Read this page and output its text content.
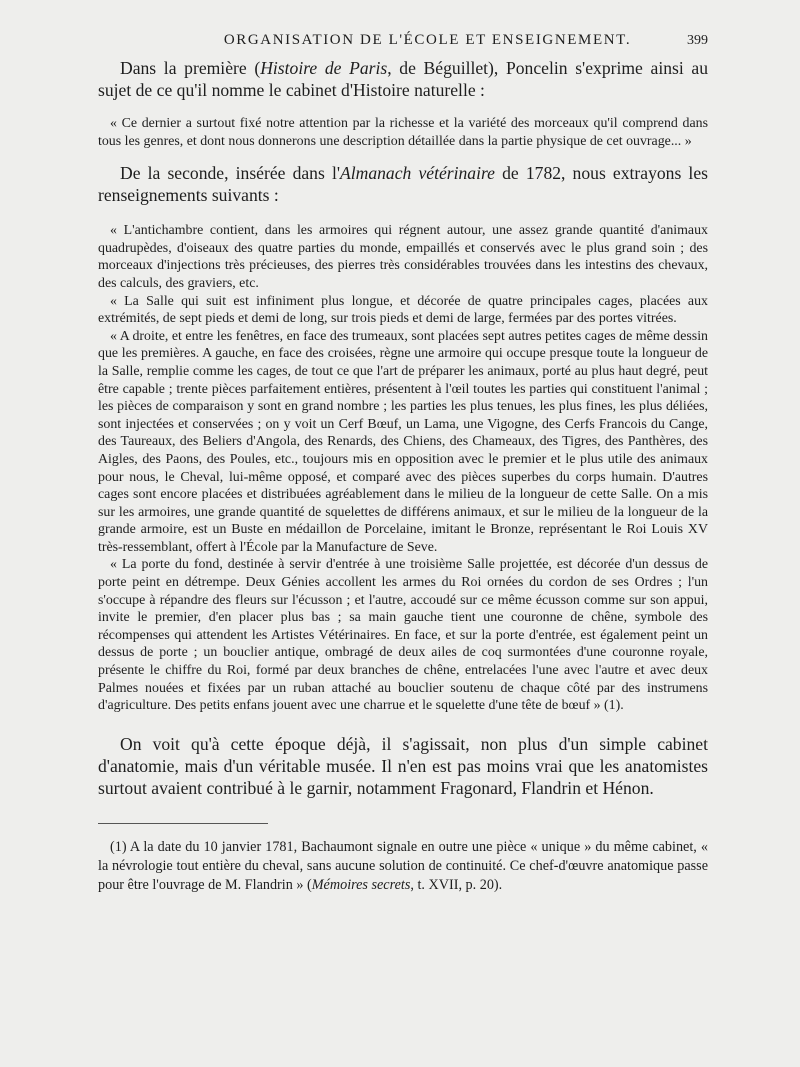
ORGANISATION DE L'ÉCOLE ET ENSEIGNEMENT.	399

Dans la première (Histoire de Paris, de Béguillet), Poncelin s'exprime ainsi au sujet de ce qu'il nomme le cabinet d'Histoire naturelle :

« Ce dernier a surtout fixé notre attention par la richesse et la variété des morceaux qu'il comprend dans tous les genres, et dont nous donnerons une description détaillée dans la partie physique de cet ouvrage... »

De la seconde, insérée dans l'Almanach vétérinaire de 1782, nous extrayons les renseignements suivants :

« L'antichambre contient, dans les armoires qui régnent autour, une assez grande quantité d'animaux quadrupèdes, d'oiseaux des quatre parties du monde, empaillés et conservés avec le plus grand soin ; des morceaux d'injections très précieuses, des pierres très considérables trouvées dans les intestins des chevaux, des calculs, des graviers, etc.

« La Salle qui suit est infiniment plus longue, et décorée de quatre principales cages, placées aux extrémités, de sept pieds et demi de long, sur trois pieds et demi de large, fermées par des portes vitrées.

« A droite, et entre les fenêtres, en face des trumeaux, sont placées sept autres petites cages de même dessin que les premières. A gauche, en face des croisées, règne une armoire qui occupe presque toute la longueur de la Salle, remplie comme les cages, de tout ce que l'art de préparer les animaux, porté au plus haut degré, peut être capable ; trente pièces parfaitement entières, présentent à l'œil toutes les parties qui constituent l'animal ; les pièces de comparaison y sont en grand nombre ; les parties les plus tenues, les plus fines, les plus déliées, sont injectées et conservées ; on y voit un Cerf Bœuf, un Lama, une Vigogne, des Cerfs Francois du Cange, des Taureaux, des Beliers d'Angola, des Renards, des Chiens, des Chameaux, des Tigres, des Panthères, des Aigles, des Paons, des Poules, etc., toujours mis en opposition avec le premier et le plus utile des animaux pour nous, le Cheval, lui-même opposé, et comparé avec des pièces superbes du corps humain. D'autres cages sont encore placées et distribuées agréablement dans le milieu de la longueur de cette Salle. On a mis sur les armoires, une grande quantité de squelettes de différens animaux, et sur le milieu de la longueur de la grande armoire, est un Buste en médaillon de Porcelaine, imitant le Bronze, représentant le Roi Louis XV très-ressemblant, offert à l'École par la Manufacture de Seve.

« La porte du fond, destinée à servir d'entrée à une troisième Salle projettée, est décorée d'un dessus de porte peint en détrempe. Deux Génies accollent les armes du Roi ornées du cordon de ses Ordres ; l'un s'occupe à répandre des fleurs sur l'écusson ; et l'autre, accoudé sur ce même écusson comme sur son appui, invite le premier, d'en placer plus bas ; sa main gauche tient une couronne de chêne, symbole des récompenses qui attendent les Artistes Vétérinaires. En face, et sur la porte d'entrée, est également peint un dessus de porte ; un bouclier antique, ombragé de deux ailes de coq surmontées d'une couronne royale, présente le chiffre du Roi, formé par deux branches de chêne, entrelacées l'une avec l'autre et avec deux Palmes nouées et fixées par un ruban attaché au bouclier soutenu de chaque côté par des instrumens d'agriculture. Des petits enfans jouent avec une charrue et le squelette d'une tête de bœuf » (1).

On voit qu'à cette époque déjà, il s'agissait, non plus d'un simple cabinet d'anatomie, mais d'un véritable musée. Il n'en est pas moins vrai que les anatomistes surtout avaient contribué à le garnir, notamment Fragonard, Flandrin et Hénon.

(1) A la date du 10 janvier 1781, Bachaumont signale en outre une pièce « unique » du même cabinet, « la névrologie tout entière du cheval, sans aucune solution de continuité. Ce chef-d'œuvre anatomique passe pour être l'ouvrage de M. Flandrin » (Mémoires secrets, t. XVII, p. 20).
